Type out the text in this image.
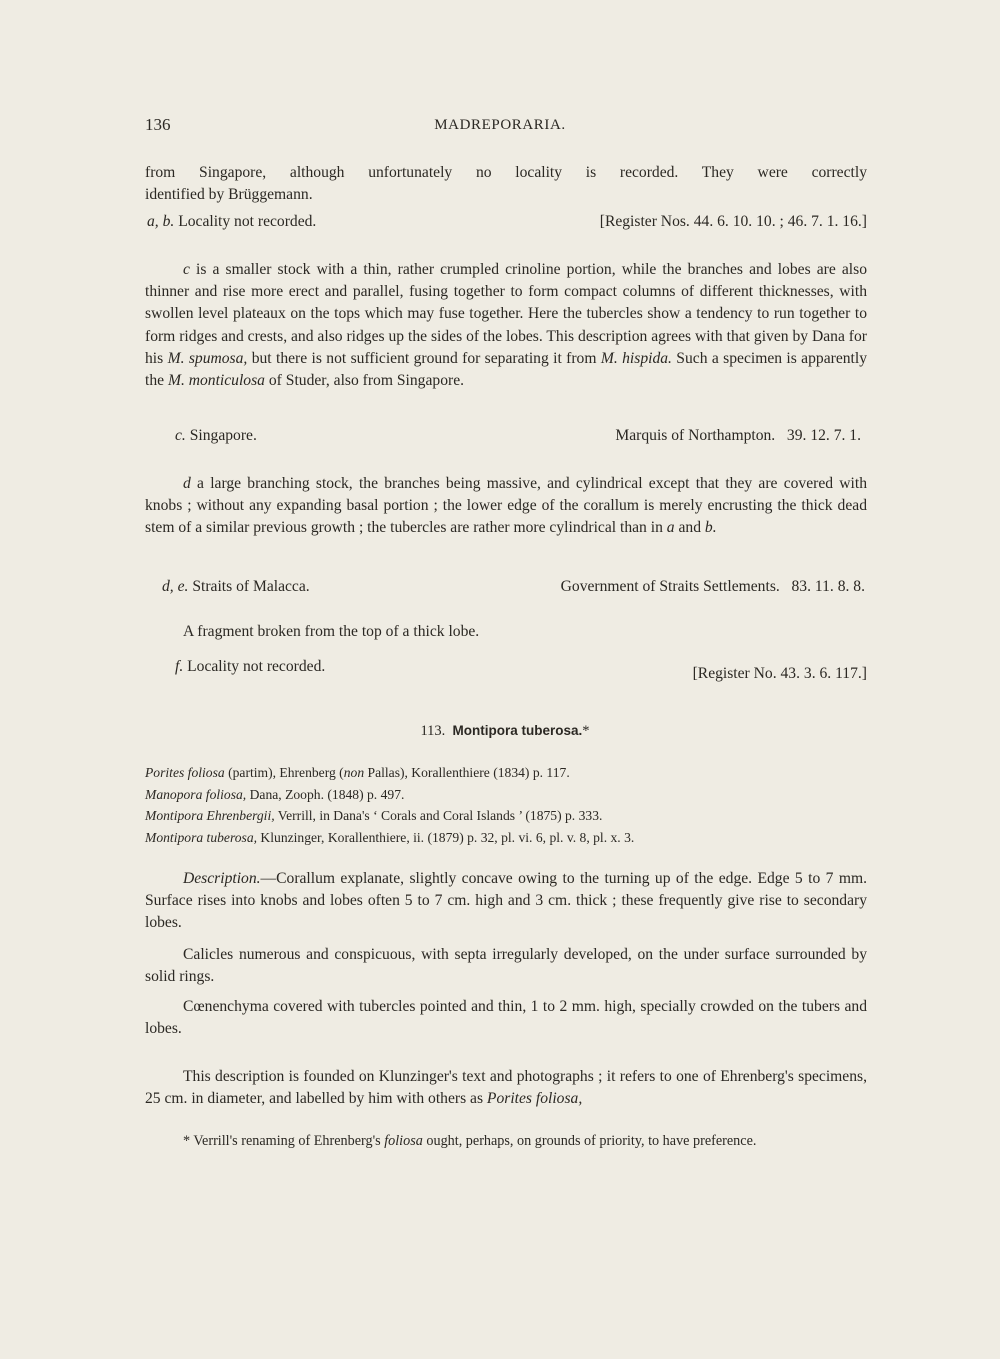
136	MADREPORARIA.
from Singapore, although unfortunately no locality is recorded. They were correctly
identified by Brüggemann.
a, b. Locality not recorded.	[Register Nos. 44. 6. 10. 10. ; 46. 7. 1. 16.]
c is a smaller stock with a thin, rather crumpled crinoline portion, while the branches and lobes are also thinner and rise more erect and parallel, fusing together to form compact columns of different thicknesses, with swollen level plateaux on the tops which may fuse together. Here the tubercles show a tendency to run together to form ridges and crests, and also ridges up the sides of the lobes. This description agrees with that given by Dana for his M. spumosa, but there is not sufficient ground for separating it from M. hispida. Such a specimen is apparently the M. monticulosa of Studer, also from Singapore.
c. Singapore.	Marquis of Northampton. 39. 12. 7. 1.
d a large branching stock, the branches being massive, and cylindrical except that they are covered with knobs ; without any expanding basal portion ; the lower edge of the corallum is merely encrusting the thick dead stem of a similar previous growth ; the tubercles are rather more cylindrical than in a and b.
d, e. Straits of Malacca.	Government of Straits Settlements. 83. 11. 8. 8.
A fragment broken from the top of a thick lobe.
f. Locality not recorded.	[Register No. 43. 3. 6. 117.]
113. Montipora tuberosa.*
Porites foliosa (partim), Ehrenberg (non Pallas), Korallenthiere (1834) p. 117.
Manopora foliosa, Dana, Zooph. (1848) p. 497.
Montipora Ehrenbergii, Verrill, in Dana's ‘ Corals and Coral Islands ’ (1875) p. 333.
Montipora tuberosa, Klunzinger, Korallenthiere, ii. (1879) p. 32, pl. vi. 6, pl. v. 8, pl. x. 3.
Description.—Corallum explanate, slightly concave owing to the turning up of the edge. Edge 5 to 7 mm. Surface rises into knobs and lobes often 5 to 7 cm. high and 3 cm. thick ; these frequently give rise to secondary lobes.
Calicles numerous and conspicuous, with septa irregularly developed, on the under surface surrounded by solid rings.
Cœnenchyma covered with tubercles pointed and thin, 1 to 2 mm. high, specially crowded on the tubers and lobes.
This description is founded on Klunzinger's text and photographs ; it refers to one of Ehrenberg's specimens, 25 cm. in diameter, and labelled by him with others as Porites foliosa,
* Verrill's renaming of Ehrenberg's foliosa ought, perhaps, on grounds of priority, to have preference.
